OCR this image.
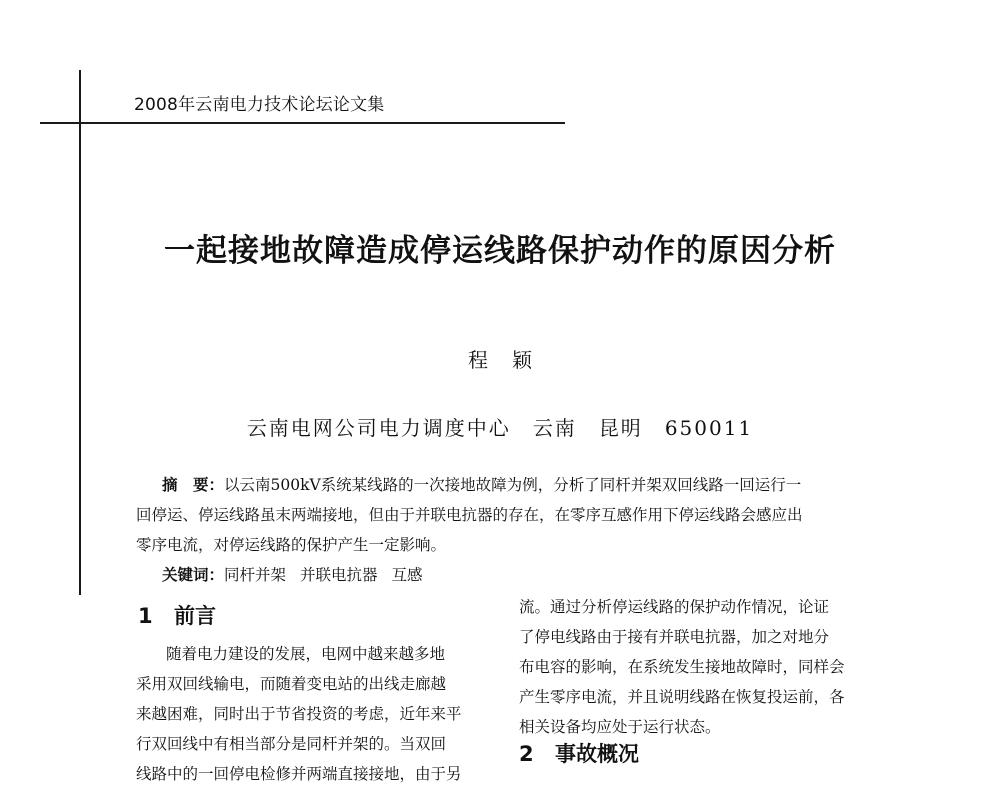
2008年云南电力技术论坛论文集
一起接地故障造成停运线路保护动作的原因分析
程颖
云南电网公司电力调度中心 云南 昆明 650011
摘　要：以云南500kV系统某线路的一次接地故障为例，分析了同杆并架双回线路一回运行一
回停运、停运线路虽末两端接地，但由于并联电抗器的存在，在零序互感作用下停运线路会感应出
零序电流，对停运线路的保护产生一定影响。
关键词：同杆并架 并联电抗器 互感
1 前言
随着电力建设的发展，电网中越来越多地
采用双回线输电，而随着变电站的出线走廊越
来越困难，同时出于节省投资的考虑，近年来平
行双回线中有相当部分是同杆并架的。当双回
线路中的一回停电检修并两端直接接地，由于另
流。通过分析停运线路的保护动作情况，论证
了停电线路由于接有并联电抗器，加之对地分
布电容的影响，在系统发生接地故障时，同样会
产生零序电流，并且说明线路在恢复投运前，各
相关设备均应处于运行状态。
2 事故概况
